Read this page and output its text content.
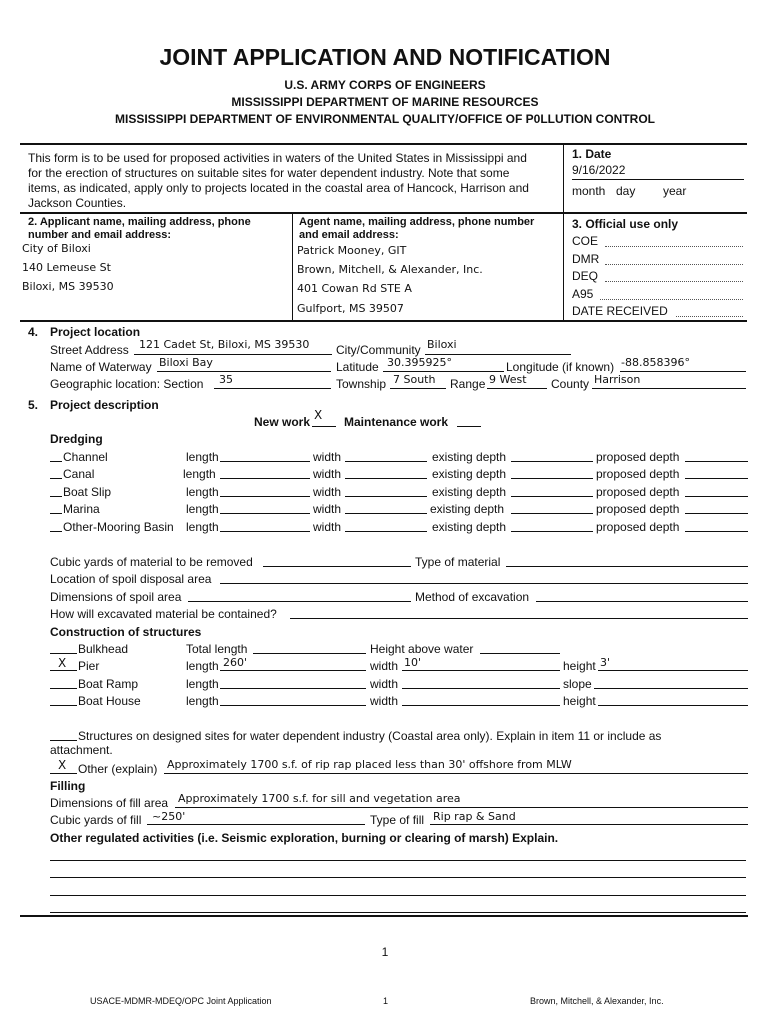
JOINT APPLICATION AND NOTIFICATION
U.S. ARMY CORPS OF ENGINEERS
MISSISSIPPI DEPARTMENT OF MARINE RESOURCES
MISSISSIPPI DEPARTMENT OF ENVIRONMENTAL QUALITY/OFFICE OF P0LLUTION CONTROL
This form is to be used for proposed activities in waters of the United States in Mississippi and
for the erection of structures on suitable sites for water dependent industry. Note that some
items, as indicated, apply only to projects located in the coastal area of Hancock, Harrison and
Jackson Counties.
1. Date
9/16/2022
month day year
2. Applicant name, mailing address, phone
number and email address:
City of Biloxi
140 Lemeuse St
Biloxi, MS 39530
Agent name, mailing address, phone number
and email address:
Patrick Mooney, GIT
Brown, Mitchell, & Alexander, Inc.
401 Cowan Rd STE A
Gulfport, MS 39507
3. Official use only
COE
DMR
DEQ
A95
DATE RECEIVED
4. Project location
Street Address 121 Cadet St, Biloxi, MS 39530 City/Community Biloxi
Name of Waterway Biloxi Bay	Latitude 30.395925°	Longitude (if known) -88.858396°
Geographic location: Section 35	Township 7 South Range 9 West County Harrison
5. Project description
New work X Maintenance work
Dredging
Channel	length	width	existing depth	proposed depth
Canal	length	width	existing depth	proposed depth
Boat Slip	length	width	existing depth	proposed depth
Marina	length	width	existing depth	proposed depth
Other-Mooring Basin length	width	existing depth	proposed depth
Cubic yards of material to be removed	Type of material
Location of spoil disposal area
Dimensions of spoil area	Method of excavation
How will excavated material be contained?
Construction of structures
Bulkhead	Total length	Height above water
X Pier	length 260'	width 10'	height 3'
Boat Ramp	length	width	slope
Boat House	length	width	height
Structures on designed sites for water dependent industry (Coastal area only). Explain in item 11 or include as
attachment.
X Other (explain) Approximately 1700 s.f. of rip rap placed less than 30' offshore from MLW
Filling
Dimensions of fill area Approximately 1700 s.f. for sill and vegetation area
Cubic yards of fill ~250'	Type of fill Rip rap & Sand
Other regulated activities (i.e. Seismic exploration, burning or clearing of marsh) Explain.
1
USACE-MDMR-MDEQ/OPC Joint Application	1	Brown, Mitchell, & Alexander, Inc.
